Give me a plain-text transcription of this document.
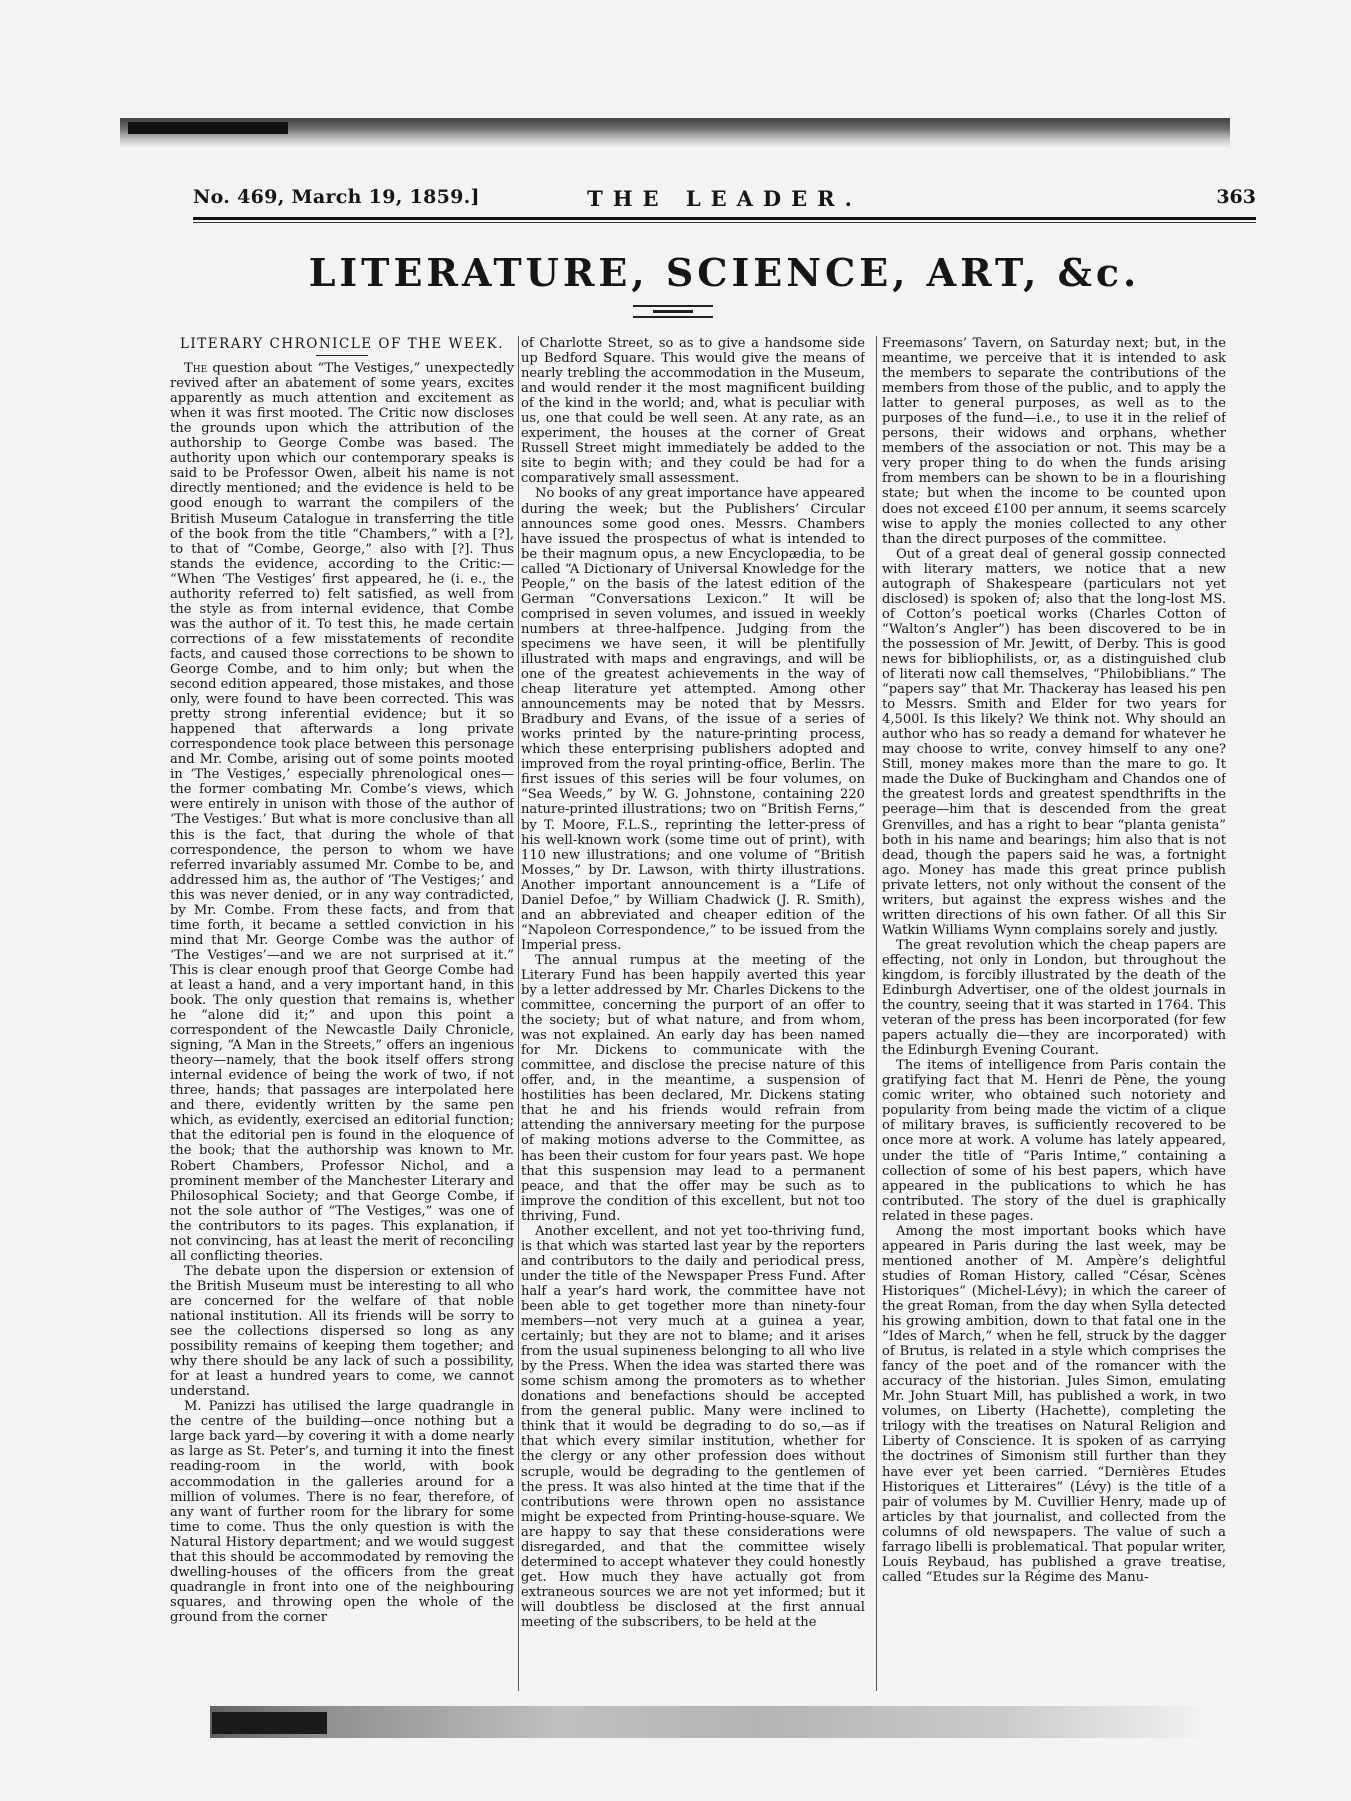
No. 469, March 19, 1859.]	THE LEADER.	363
LITERATURE, SCIENCE, ART, &c.
LITERARY CHRONICLE OF THE WEEK.

The question about “The Vestiges,” unexpectedly revived after an abatement of some years, excites apparently as much attention and excitement as when it was first mooted. The Critic now discloses the grounds upon which the attribution of the authorship to George Combe was based. The authority upon which our contemporary speaks is said to be Professor Owen, albeit his name is not directly mentioned; and the evidence is held to be good enough to warrant the compilers of the British Museum Catalogue in transferring the title of the book from the title “Chambers,” with a [?], to that of “Combe, George,” also with [?]. Thus stands the evidence, according to the Critic:— “When ‘The Vestiges’ first appeared, he (i. e., the authority referred to) felt satisfied, as well from the style as from internal evidence, that Combe was the author of it. To test this, he made certain corrections of a few misstatements of recondite facts, and caused those corrections to be shown to George Combe, and to him only; but when the second edition appeared, those mistakes, and those only, were found to have been corrected. This was pretty strong inferential evidence; but it so happened that afterwards a long private correspondence took place between this personage and Mr. Combe, arising out of some points mooted in ‘The Vestiges,’ especially phrenological ones—the former combating Mr. Combe’s views, which were entirely in unison with those of the author of ‘The Vestiges.’ But what is more conclusive than all this is the fact, that during the whole of that correspondence, the person to whom we have referred invariably assumed Mr. Combe to be, and addressed him as, the author of ‘The Vestiges;’ and this was never denied, or in any way contradicted, by Mr. Combe. From these facts, and from that time forth, it became a settled conviction in his mind that Mr. George Combe was the author of ‘The Vestiges’—and we are not surprised at it.” This is clear enough proof that George Combe had at least a hand, and a very important hand, in this book. The only question that remains is, whether he “alone did it;” and upon this point a correspondent of the Newcastle Daily Chronicle, signing, “A Man in the Streets,” offers an ingenious theory—namely, that the book itself offers strong internal evidence of being the work of two, if not three, hands; that passages are interpolated here and there, evidently written by the same pen which, as evidently, exercised an editorial function; that the editorial pen is found in the eloquence of the book; that the authorship was known to Mr. Robert Chambers, Professor Nichol, and a prominent member of the Manchester Literary and Philosophical Society; and that George Combe, if not the sole author of “The Vestiges,” was one of the contributors to its pages. This explanation, if not convincing, has at least the merit of reconciling all conflicting theories.

The debate upon the dispersion or extension of the British Museum must be interesting to all who are concerned for the welfare of that noble national institution. All its friends will be sorry to see the collections dispersed so long as any possibility remains of keeping them together; and why there should be any lack of such a possibility, for at least a hundred years to come, we cannot understand.

M. Panizzi has utilised the large quadrangle in the centre of the building—once nothing but a large back yard—by covering it with a dome nearly as large as St. Peter’s, and turning it into the finest reading-room in the world, with book accommodation in the galleries around for a million of volumes. There is no fear, therefore, of any want of further room for the library for some time to come. Thus the only question is with the Natural History department; and we would suggest that this should be accommodated by removing the dwelling-houses of the officers from the great quadrangle in front into one of the neighbouring squares, and throwing open the whole of the ground from the corner

of Charlotte Street, so as to give a handsome side up Bedford Square. This would give the means of nearly trebling the accommodation in the Museum, and would render it the most magnificent building of the kind in the world; and, what is peculiar with us, one that could be well seen. At any rate, as an experiment, the houses at the corner of Great Russell Street might immediately be added to the site to begin with; and they could be had for a comparatively small assessment.

No books of any great importance have appeared during the week; but the Publishers’ Circular announces some good ones. Messrs. Chambers have issued the prospectus of what is intended to be their magnum opus, a new Encyclopædia, to be called “A Dictionary of Universal Knowledge for the People,” on the basis of the latest edition of the German “Conversations Lexicon.” It will be comprised in seven volumes, and issued in weekly numbers at three-halfpence. Judging from the specimens we have seen, it will be plentifully illustrated with maps and engravings, and will be one of the greatest achievements in the way of cheap literature yet attempted. Among other announcements may be noted that by Messrs. Bradbury and Evans, of the issue of a series of works printed by the nature-printing process, which these enterprising publishers adopted and improved from the royal printing-office, Berlin. The first issues of this series will be four volumes, on “Sea Weeds,” by W. G. Johnstone, containing 220 nature-printed illustrations; two on “British Ferns,” by T. Moore, F.L.S., reprinting the letter-press of his well-known work (some time out of print), with 110 new illustrations; and one volume of “British Mosses,” by Dr. Lawson, with thirty illustrations. Another important announcement is a “Life of Daniel Defoe,” by William Chadwick (J. R. Smith), and an abbreviated and cheaper edition of the “Napoleon Correspondence,” to be issued from the Imperial press.

The annual rumpus at the meeting of the Literary Fund has been happily averted this year by a letter addressed by Mr. Charles Dickens to the committee, concerning the purport of an offer to the society; but of what nature, and from whom, was not explained. An early day has been named for Mr. Dickens to communicate with the committee, and disclose the precise nature of this offer, and, in the meantime, a suspension of hostilities has been declared, Mr. Dickens stating that he and his friends would refrain from attending the anniversary meeting for the purpose of making motions adverse to the Committee, as has been their custom for four years past. We hope that this suspension may lead to a permanent peace, and that the offer may be such as to improve the condition of this excellent, but not too thriving, Fund.

Another excellent, and not yet too-thriving fund, is that which was started last year by the reporters and contributors to the daily and periodical press, under the title of the Newspaper Press Fund. After half a year’s hard work, the committee have not been able to get together more than ninety-four members—not very much at a guinea a year, certainly; but they are not to blame; and it arises from the usual supineness belonging to all who live by the Press. When the idea was started there was some schism among the promoters as to whether donations and benefactions should be accepted from the general public. Many were inclined to think that it would be degrading to do so,—as if that which every similar institution, whether for the clergy or any other profession does without scruple, would be degrading to the gentlemen of the press. It was also hinted at the time that if the contributions were thrown open no assistance might be expected from Printing-house-square. We are happy to say that these considerations were disregarded, and that the committee wisely determined to accept whatever they could honestly get. How much they have actually got from extraneous sources we are not yet informed; but it will doubtless be disclosed at the first annual meeting of the subscribers, to be held at the

Freemasons’ Tavern, on Saturday next; but, in the meantime, we perceive that it is intended to ask the members to separate the contributions of the members from those of the public, and to apply the latter to general purposes, as well as to the purposes of the fund—i.e., to use it in the relief of persons, their widows and orphans, whether members of the association or not. This may be a very proper thing to do when the funds arising from members can be shown to be in a flourishing state; but when the income to be counted upon does not exceed £100 per annum, it seems scarcely wise to apply the monies collected to any other than the direct purposes of the committee.

Out of a great deal of general gossip connected with literary matters, we notice that a new autograph of Shakespeare (particulars not yet disclosed) is spoken of; also that the long-lost MS. of Cotton’s poetical works (Charles Cotton of “Walton’s Angler”) has been discovered to be in the possession of Mr. Jewitt, of Derby. This is good news for bibliophilists, or, as a distinguished club of literati now call themselves, “Philobiblians.” The “papers say” that Mr. Thackeray has leased his pen to Messrs. Smith and Elder for two years for 4,500l. Is this likely? We think not. Why should an author who has so ready a demand for whatever he may choose to write, convey himself to any one? Still, money makes more than the mare to go. It made the Duke of Buckingham and Chandos one of the greatest lords and greatest spendthrifts in the peerage—him that is descended from the great Grenvilles, and has a right to bear “planta genista” both in his name and bearings; him also that is not dead, though the papers said he was, a fortnight ago. Money has made this great prince publish private letters, not only without the consent of the writers, but against the express wishes and the written directions of his own father. Of all this Sir Watkin Williams Wynn complains sorely and justly.

The great revolution which the cheap papers are effecting, not only in London, but throughout the kingdom, is forcibly illustrated by the death of the Edinburgh Advertiser, one of the oldest journals in the country, seeing that it was started in 1764. This veteran of the press has been incorporated (for few papers actually die—they are incorporated) with the Edinburgh Evening Courant.

The items of intelligence from Paris contain the gratifying fact that M. Henri de Pène, the young comic writer, who obtained such notoriety and popularity from being made the victim of a clique of military braves, is sufficiently recovered to be once more at work. A volume has lately appeared, under the title of “Paris Intime,” containing a collection of some of his best papers, which have appeared in the publications to which he has contributed. The story of the duel is graphically related in these pages.

Among the most important books which have appeared in Paris during the last week, may be mentioned another of M. Ampère’s delightful studies of Roman History, called “César, Scènes Historiques” (Michel-Lévy); in which the career of the great Roman, from the day when Sylla detected his growing ambition, down to that fatal one in the “Ides of March,” when he fell, struck by the dagger of Brutus, is related in a style which comprises the fancy of the poet and of the romancer with the accuracy of the historian. Jules Simon, emulating Mr. John Stuart Mill, has published a work, in two volumes, on Liberty (Hachette), completing the trilogy with the treatises on Natural Religion and Liberty of Conscience. It is spoken of as carrying the doctrines of Simonism still further than they have ever yet been carried. “Dernières Etudes Historiques et Litteraires” (Lévy) is the title of a pair of volumes by M. Cuvillier Henry, made up of articles by that journalist, and collected from the columns of old newspapers. The value of such a farrago libelli is problematical. That popular writer, Louis Reybaud, has published a grave treatise, called “Etudes sur la Régime des Manu-
